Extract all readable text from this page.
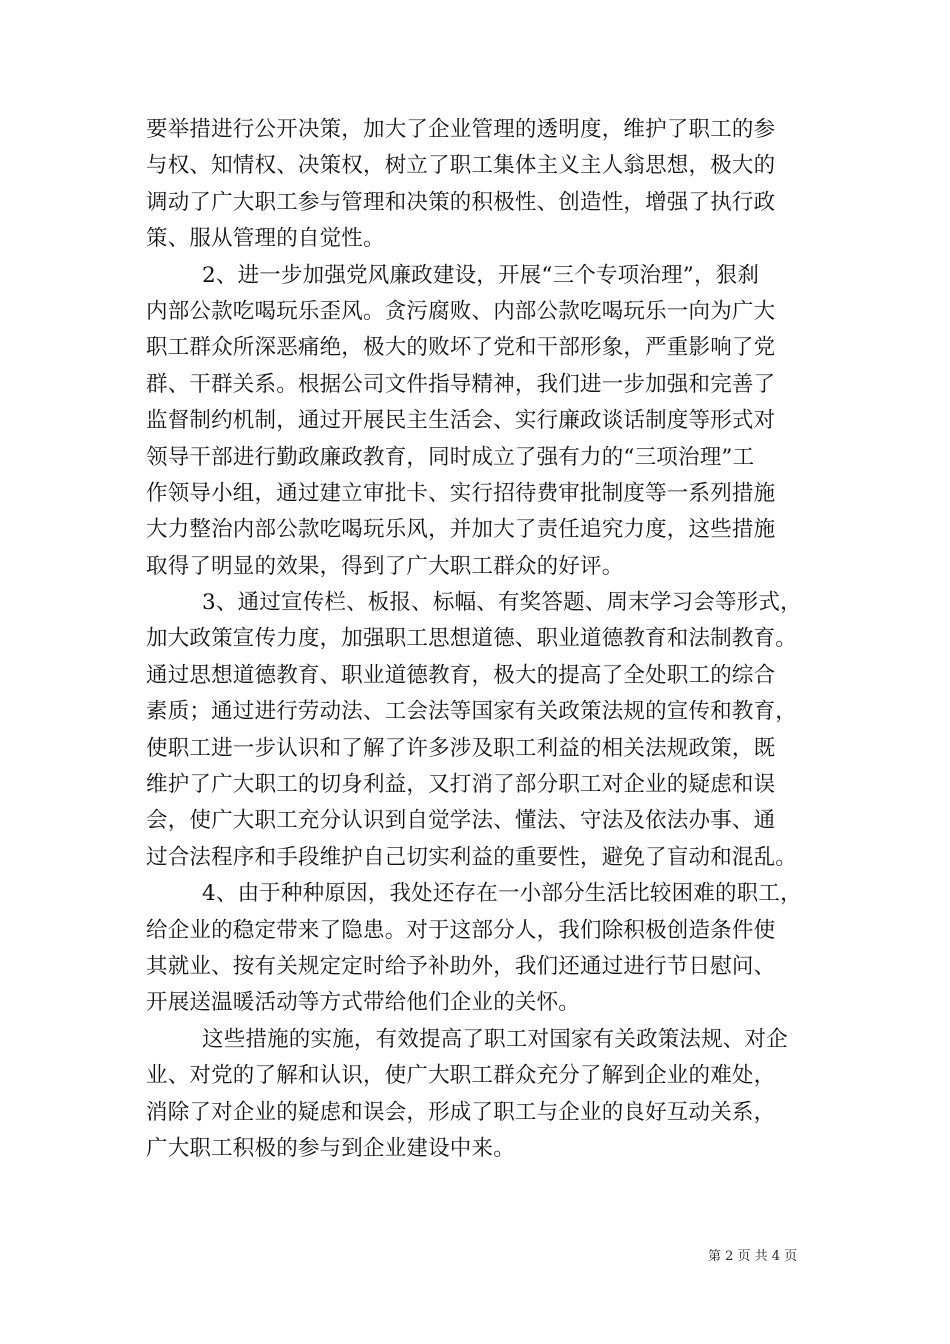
要举措进行公开决策，加大了企业管理的透明度，维护了职工的参
与权、知情权、决策权，树立了职工集体主义主人翁思想，极大的
调动了广大职工参与管理和决策的积极性、创造性，增强了执行政
策、服从管理的自觉性。
2、进一步加强党风廉政建设，开展“三个专项治理”，狠刹
内部公款吃喝玩乐歪风。贪污腐败、内部公款吃喝玩乐一向为广大
职工群众所深恶痛绝，极大的败坏了党和干部形象，严重影响了党
群、干群关系。根据公司文件指导精神，我们进一步加强和完善了
监督制约机制，通过开展民主生活会、实行廉政谈话制度等形式对
领导干部进行勤政廉政教育，同时成立了强有力的“三项治理”工
作领导小组，通过建立审批卡、实行招待费审批制度等一系列措施
大力整治内部公款吃喝玩乐风，并加大了责任追究力度，这些措施
取得了明显的效果，得到了广大职工群众的好评。
3、通过宣传栏、板报、标幅、有奖答题、周末学习会等形式，
加大政策宣传力度，加强职工思想道德、职业道德教育和法制教育。
通过思想道德教育、职业道德教育，极大的提高了全处职工的综合
素质；通过进行劳动法、工会法等国家有关政策法规的宣传和教育，
使职工进一步认识和了解了许多涉及职工利益的相关法规政策，既
维护了广大职工的切身利益，又打消了部分职工对企业的疑虑和误
会，使广大职工充分认识到自觉学法、懂法、守法及依法办事、通
过合法程序和手段维护自己切实利益的重要性，避免了盲动和混乱。
4、由于种种原因，我处还存在一小部分生活比较困难的职工，
给企业的稳定带来了隐患。对于这部分人，我们除积极创造条件使
其就业、按有关规定定时给予补助外，我们还通过进行节日慰问、
开展送温暖活动等方式带给他们企业的关怀。
这些措施的实施，有效提高了职工对国家有关政策法规、对企
业、对党的了解和认识，使广大职工群众充分了解到企业的难处，
消除了对企业的疑虑和误会，形成了职工与企业的良好互动关系，
广大职工积极的参与到企业建设中来。
第 2 页 共 4 页
